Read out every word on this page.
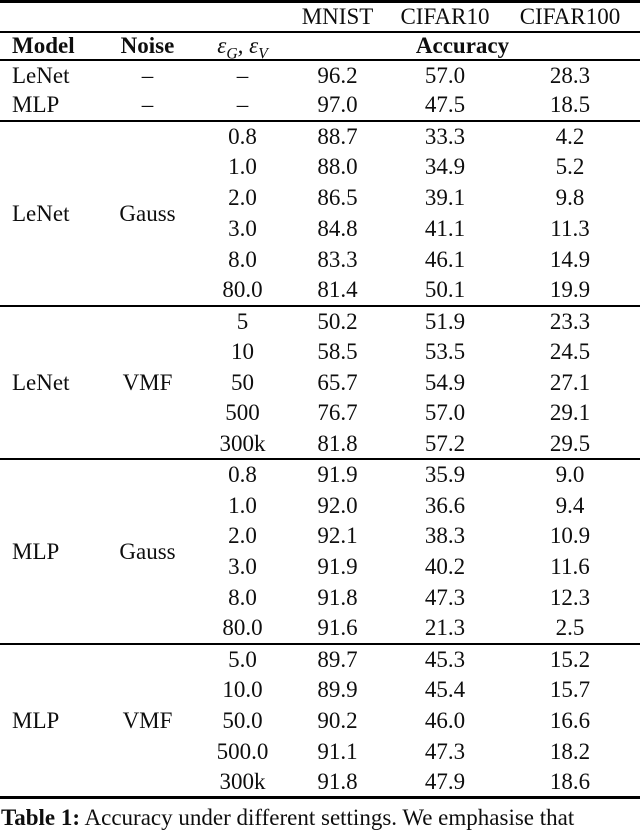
			MNIST	CIFAR10	CIFAR100
Model	Noise	$\varepsilon_G$, $\varepsilon_V$	Accuracy		
LeNet	–	–	96.2	57.0	28.3
MLP	–	–	97.0	47.5	18.5
LeNet	Gauss	0.8	88.7	33.3	4.2
		1.0	88.0	34.9	5.2
		2.0	86.5	39.1	9.8
		3.0	84.8	41.1	11.3
		8.0	83.3	46.1	14.9
		80.0	81.4	50.1	19.9
LeNet	VMF	5	50.2	51.9	23.3
		10	58.5	53.5	24.5
		50	65.7	54.9	27.1
		500	76.7	57.0	29.1
		300k	81.8	57.2	29.5
MLP	Gauss	0.8	91.9	35.9	9.0
		1.0	92.0	36.6	9.4
		2.0	92.1	38.3	10.9
		3.0	91.9	40.2	11.6
		8.0	91.8	47.3	12.3
		80.0	91.6	21.3	2.5
MLP	VMF	5.0	89.7	45.3	15.2
		10.0	89.9	45.4	15.7
		50.0	90.2	46.0	16.6
		500.0	91.1	47.3	18.2
		300k	91.8	47.9	18.6
Table 1: Accuracy under different settings. We emphasise that
